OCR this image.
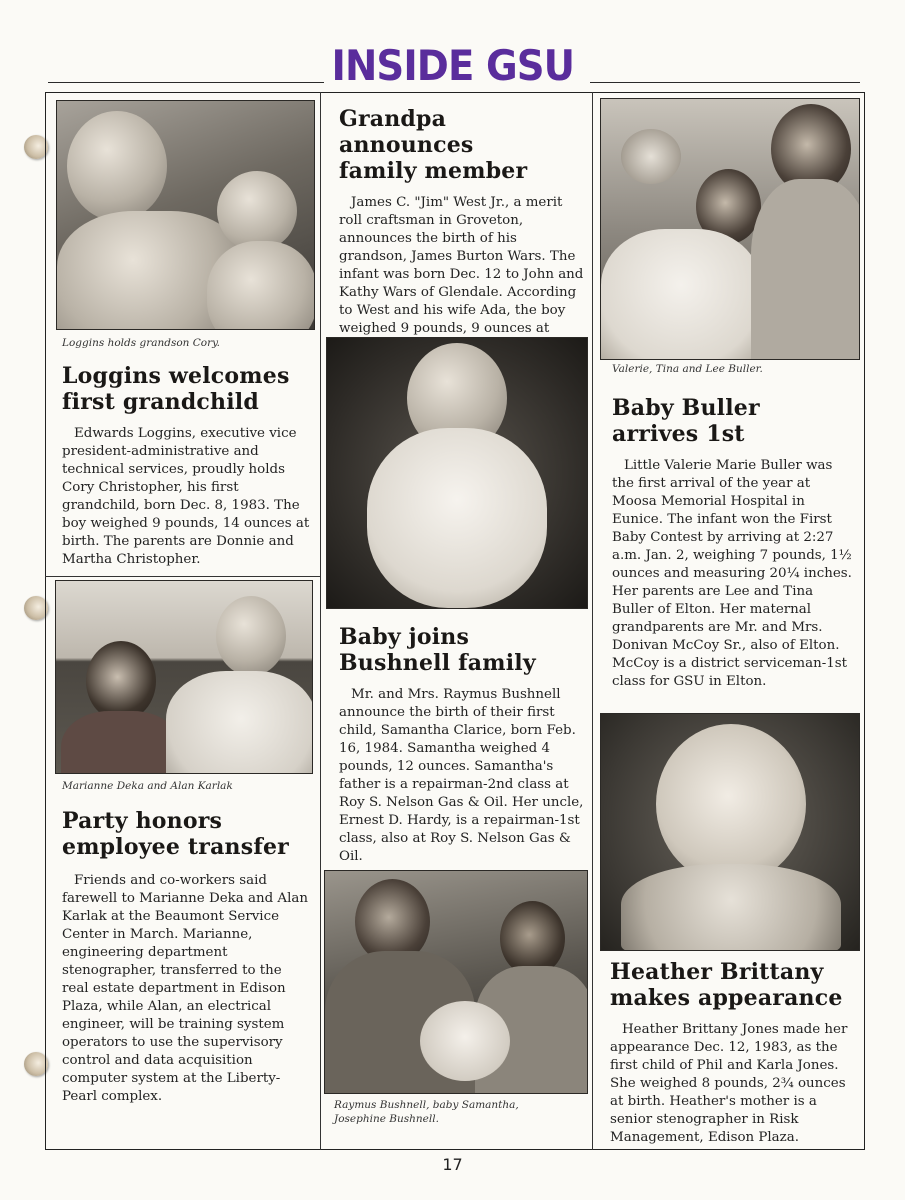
INSIDE GSU
Loggins holds grandson Cory.
Loggins welcomes
first grandchild
Edwards Loggins, executive vice president-administrative and technical services, proudly holds Cory Christopher, his first grandchild, born Dec. 8, 1983. The boy weighed 9 pounds, 14 ounces at birth. The parents are Donnie and Martha Christopher.
Marianne Deka and Alan Karlak
Party honors
employee transfer
Friends and co-workers said farewell to Marianne Deka and Alan Karlak at the Beaumont Service Center in March. Marianne, engineering department stenographer, transferred to the real estate department in Edison Plaza, while Alan, an electrical engineer, will be training system operators to use the supervisory control and data acquisition computer system at the Liberty-Pearl complex.
Grandpa announces
family member
James C. "Jim" West Jr., a merit roll craftsman in Groveton, announces the birth of his grandson, James Burton Wars. The infant was born Dec. 12 to John and Kathy Wars of Glendale. According to West and his wife Ada, the boy weighed 9 pounds, 9 ounces at
Baby joins
Bushnell family
Mr. and Mrs. Raymus Bushnell announce the birth of their first child, Samantha Clarice, born Feb. 16, 1984. Samantha weighed 4 pounds, 12 ounces. Samantha's father is a repairman-2nd class at Roy S. Nelson Gas & Oil. Her uncle, Ernest D. Hardy, is a repairman-1st class, also at Roy S. Nelson Gas & Oil.
Raymus Bushnell, baby Samantha,
Josephine Bushnell.
Valerie, Tina and Lee Buller.
Baby Buller
arrives 1st
Little Valerie Marie Buller was the first arrival of the year at Moosa Memorial Hospital in Eunice. The infant won the First Baby Contest by arriving at 2:27 a.m. Jan. 2, weighing 7 pounds, 1½ ounces and measuring 20¼ inches. Her parents are Lee and Tina Buller of Elton. Her maternal grandparents are Mr. and Mrs. Donivan McCoy Sr., also of Elton. McCoy is a district serviceman-1st class for GSU in Elton.
Heather Brittany
makes appearance
Heather Brittany Jones made her appearance Dec. 12, 1983, as the first child of Phil and Karla Jones. She weighed 8 pounds, 2¾ ounces at birth. Heather's mother is a senior stenographer in Risk Management, Edison Plaza.
17
